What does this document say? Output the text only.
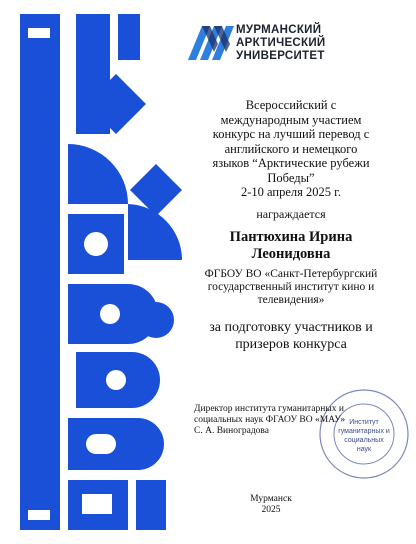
БЛАГОДАРНОСТЬ
МУРМАНСКИЙ
АРКТИЧЕСКИЙ
УНИВЕРСИТЕТ
Всероссийский с
международным участием
конкурс на лучший перевод с
английского и немецкого
языков “Арктические рубежи
Победы”
2-10 апреля 2025 г.
награждается
Пантюхина Ирина
Леонидовна
ФГБОУ ВО «Санкт-Петербургский
государственный институт кино и
телевидения»
за подготовку участников и
призеров конкурса
Институт
гуманитарных и
социальных
наук
Директор института гуманитарных и
социальных наук ФГАОУ ВО «МАУ»
С. А. Виноградова
Мурманск
2025
